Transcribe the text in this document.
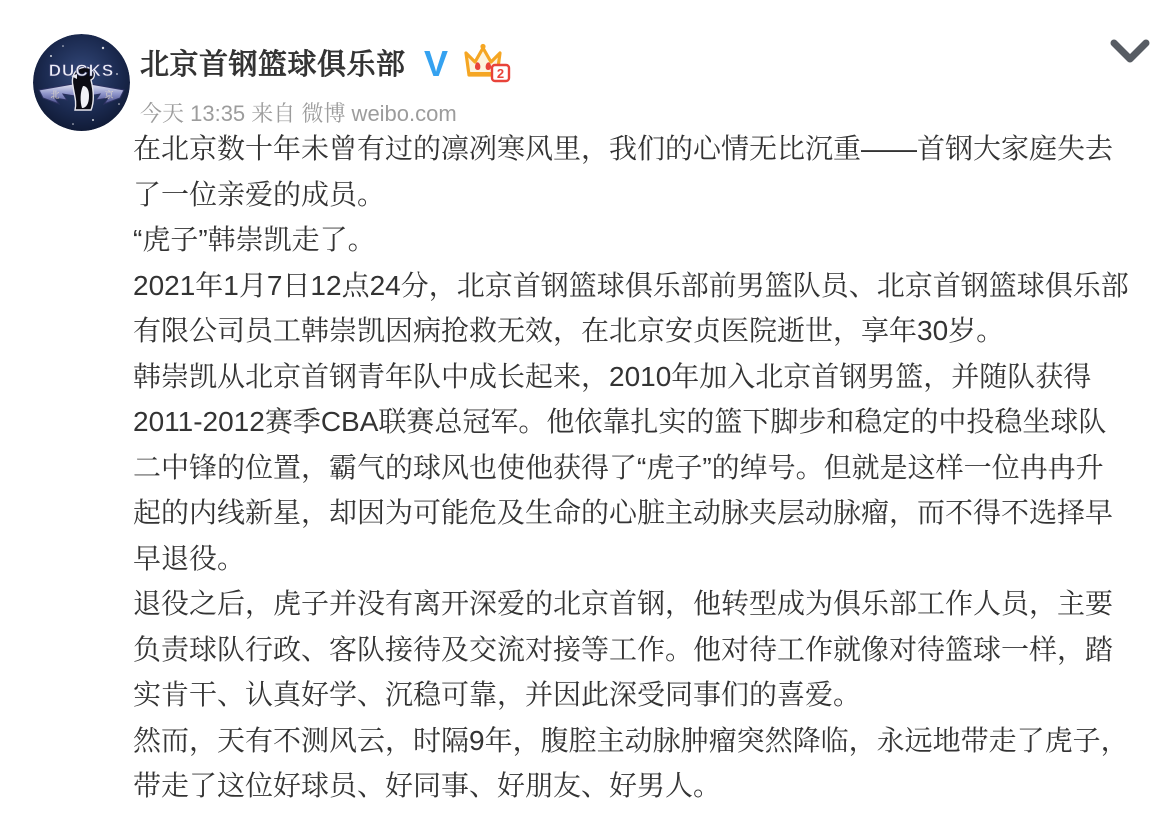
DUCKS
北	京
北京首钢篮球俱乐部 V	2
今天 13:35 来自 微博 weibo.com

在北京数十年未曾有过的凛冽寒风里，我们的心情无比沉重——首钢大家庭失去了一位亲爱的成员。

“虎子”韩崇凯走了。

2021年1月7日12点24分，北京首钢篮球俱乐部前男篮队员、北京首钢篮球俱乐部有限公司员工韩崇凯因病抢救无效，在北京安贞医院逝世，享年30岁。

韩崇凯从北京首钢青年队中成长起来，2010年加入北京首钢男篮，并随队获得2011-2012赛季CBA联赛总冠军。他依靠扎实的篮下脚步和稳定的中投稳坐球队二中锋的位置，霸气的球风也使他获得了“虎子”的绰号。但就是这样一位冉冉升起的内线新星，却因为可能危及生命的心脏主动脉夹层动脉瘤，而不得不选择早早退役。

退役之后，虎子并没有离开深爱的北京首钢，他转型成为俱乐部工作人员，主要负责球队行政、客队接待及交流对接等工作。他对待工作就像对待篮球一样，踏实肯干、认真好学、沉稳可靠，并因此深受同事们的喜爱。

然而，天有不测风云，时隔9年，腹腔主动脉肿瘤突然降临，永远地带走了虎子，带走了这位好球员、好同事、好朋友、好男人。
